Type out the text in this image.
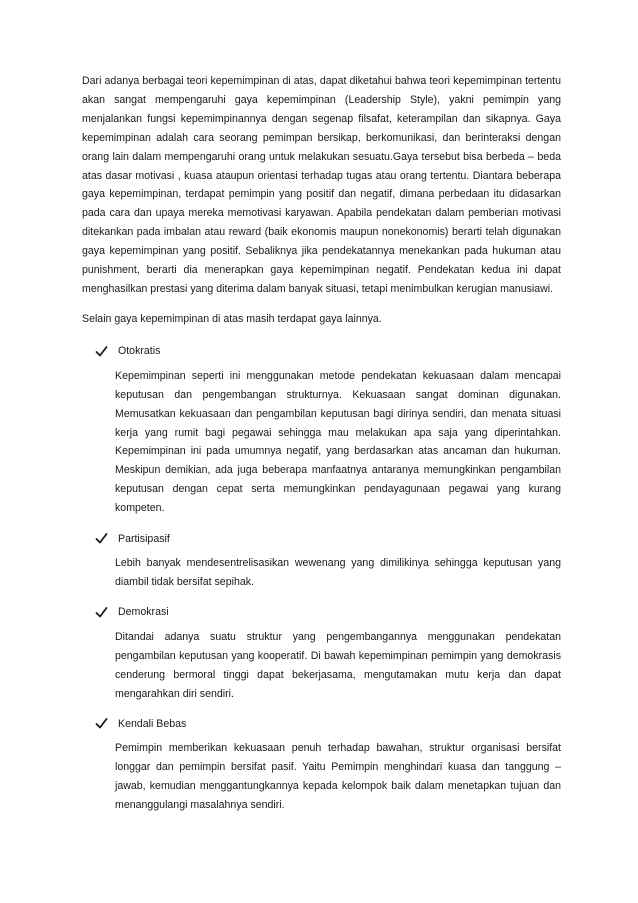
Dari adanya berbagai teori kepemimpinan di atas, dapat diketahui bahwa teori kepemimpinan tertentu akan sangat mempengaruhi gaya kepemimpinan (Leadership Style), yakni pemimpin yang menjalankan fungsi kepemimpinannya dengan segenap filsafat, keterampilan dan sikapnya. Gaya kepemimpinan adalah cara seorang pemimpan bersikap, berkomunikasi, dan berinteraksi dengan orang lain dalam mempengaruhi orang untuk melakukan sesuatu.Gaya tersebut bisa berbeda – beda atas dasar motivasi , kuasa ataupun orientasi terhadap tugas atau orang tertentu. Diantara beberapa gaya kepemimpinan, terdapat pemimpin yang positif dan negatif, dimana perbedaan itu didasarkan pada cara dan upaya mereka memotivasi karyawan. Apabila pendekatan dalam pemberian motivasi ditekankan pada imbalan atau reward (baik ekonomis maupun nonekonomis) berarti telah digunakan gaya kepemimpinan yang positif. Sebaliknya jika pendekatannya menekankan pada hukuman atau punishment, berarti dia menerapkan gaya kepemimpinan negatif. Pendekatan kedua ini dapat menghasilkan prestasi yang diterima dalam banyak situasi, tetapi menimbulkan kerugian manusiawi.

Selain gaya kepemimpinan di atas masih terdapat gaya lainnya.

Otokratis

Kepemimpinan seperti ini menggunakan metode pendekatan kekuasaan dalam mencapai keputusan dan pengembangan strukturnya. Kekuasaan sangat dominan digunakan. Memusatkan kekuasaan dan pengambilan keputusan bagi dirinya sendiri, dan menata situasi kerja yang rumit bagi pegawai sehingga mau melakukan apa saja yang diperintahkan. Kepemimpinan ini pada umumnya negatif, yang berdasarkan atas ancaman dan hukuman. Meskipun demikian, ada juga beberapa manfaatnya antaranya memungkinkan pengambilan keputusan dengan cepat serta memungkinkan pendayagunaan pegawai yang kurang kompeten.

Partisipasif

Lebih banyak mendesentrelisasikan wewenang yang dimilikinya sehingga keputusan yang diambil tidak bersifat sepihak.

Demokrasi

Ditandai adanya suatu struktur yang pengembangannya menggunakan pendekatan pengambilan keputusan yang kooperatif. Di bawah kepemimpinan pemimpin yang demokrasis cenderung bermoral tinggi dapat bekerjasama, mengutamakan mutu kerja dan dapat mengarahkan diri sendiri.

Kendali Bebas

Pemimpin memberikan kekuasaan penuh terhadap bawahan, struktur organisasi bersifat longgar dan pemimpin bersifat pasif. Yaitu Pemimpin menghindari kuasa dan tanggung – jawab, kemudian menggantungkannya kepada kelompok baik dalam menetapkan tujuan dan menanggulangi masalahnya sendiri.
